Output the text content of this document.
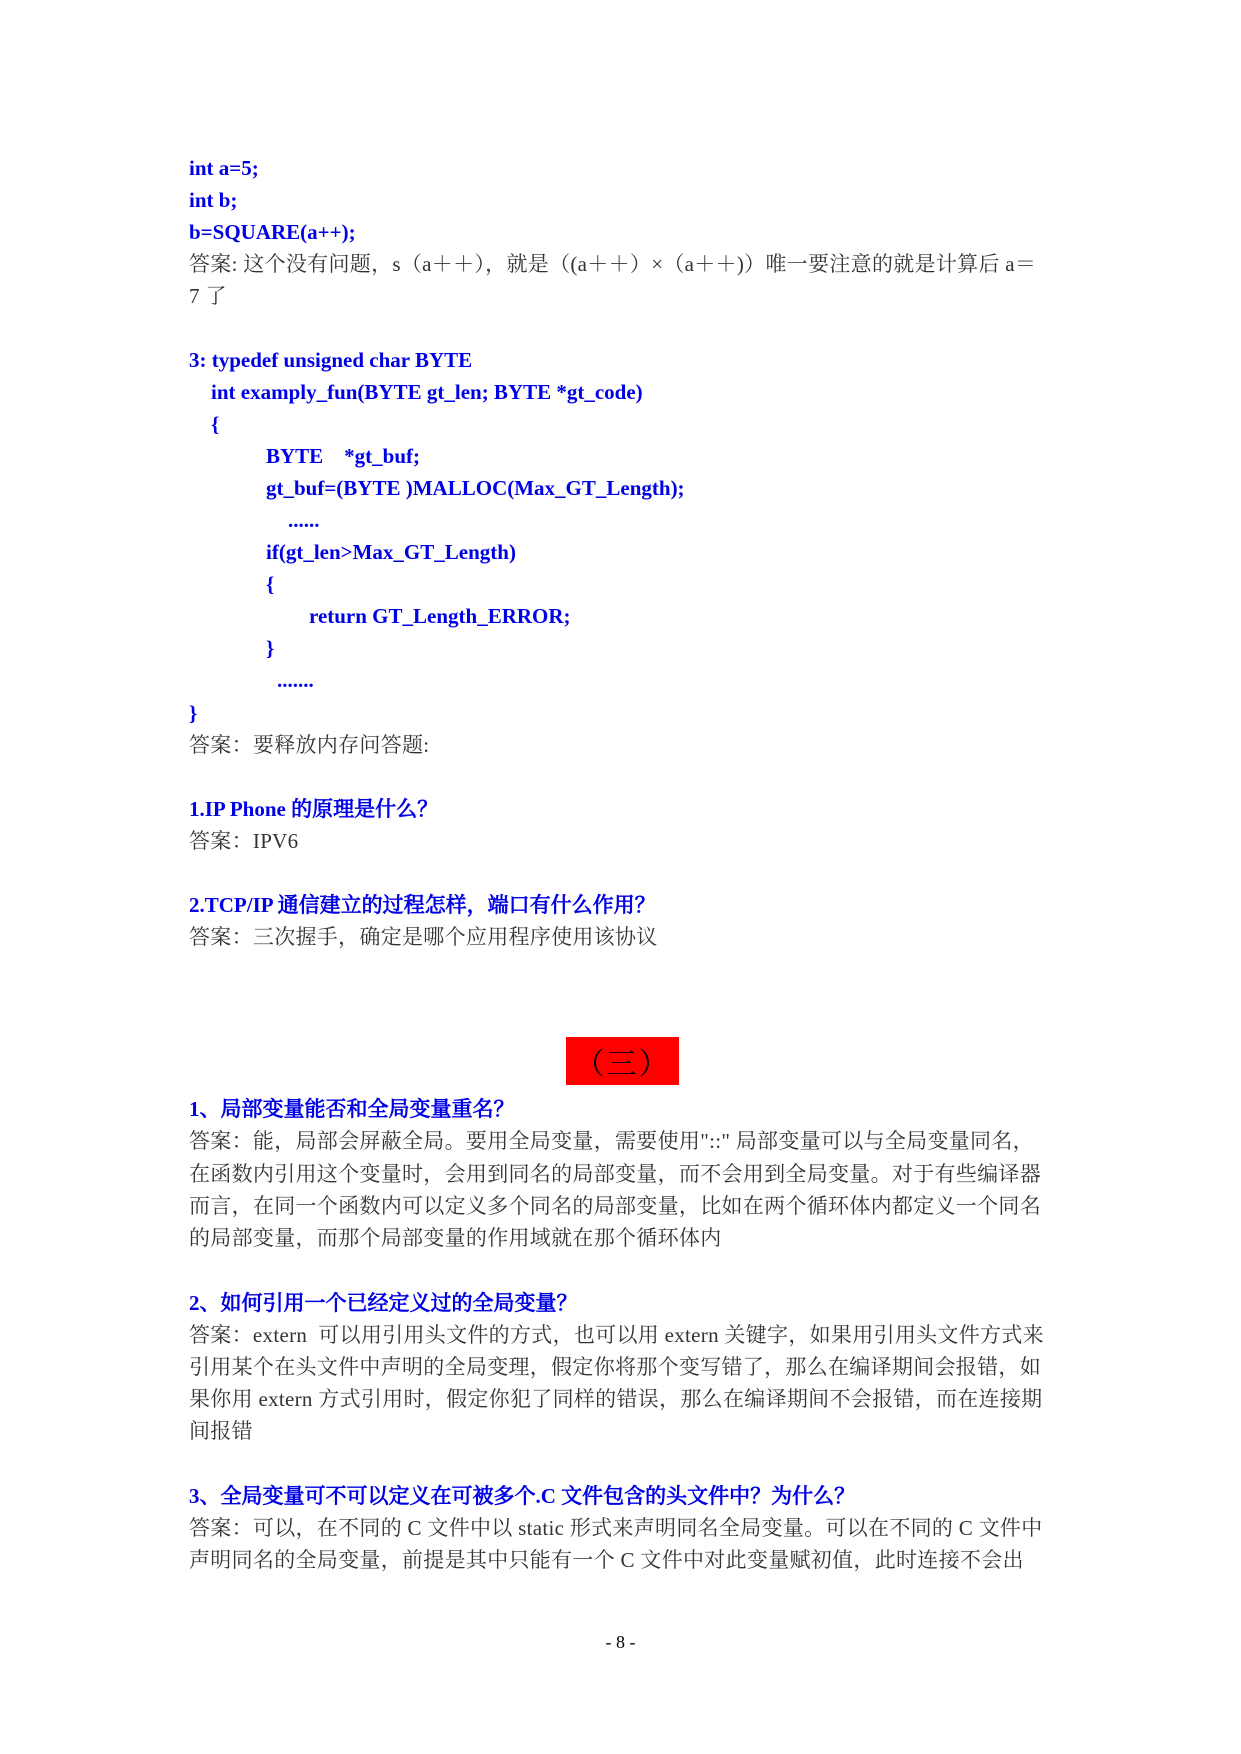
int a=5;
int b;
b=SQUARE(a++);
答案: 这个没有问题，s（a＋＋），就是（(a＋＋）×（a＋＋)）唯一要注意的就是计算后 a＝
7 了
3: typedef unsigned char BYTE
int examply_fun(BYTE gt_len; BYTE *gt_code)
{
BYTE    *gt_buf;
gt_buf=(BYTE )MALLOC(Max_GT_Length);
......
if(gt_len>Max_GT_Length)
{
return GT_Length_ERROR;
}
.......
}
答案：要释放内存问答题:
1.IP Phone 的原理是什么？
答案：IPV6
2.TCP/IP 通信建立的过程怎样，端口有什么作用？
答案：三次握手，确定是哪个应用程序使用该协议
（三）
1、局部变量能否和全局变量重名？
答案：能，局部会屏蔽全局。要用全局变量，需要使用"::" 局部变量可以与全局变量同名，
在函数内引用这个变量时，会用到同名的局部变量，而不会用到全局变量。对于有些编译器
而言，在同一个函数内可以定义多个同名的局部变量，比如在两个循环体内都定义一个同名
的局部变量，而那个局部变量的作用域就在那个循环体内
2、如何引用一个已经定义过的全局变量？
答案：extern  可以用引用头文件的方式，也可以用 extern 关键字，如果用引用头文件方式来
引用某个在头文件中声明的全局变理，假定你将那个变写错了，那么在编译期间会报错，如
果你用 extern 方式引用时，假定你犯了同样的错误，那么在编译期间不会报错，而在连接期
间报错
3、全局变量可不可以定义在可被多个.C 文件包含的头文件中？为什么？
答案：可以，在不同的 C 文件中以 static 形式来声明同名全局变量。可以在不同的 C 文件中
声明同名的全局变量，前提是其中只能有一个 C 文件中对此变量赋初值，此时连接不会出
- 8 -
